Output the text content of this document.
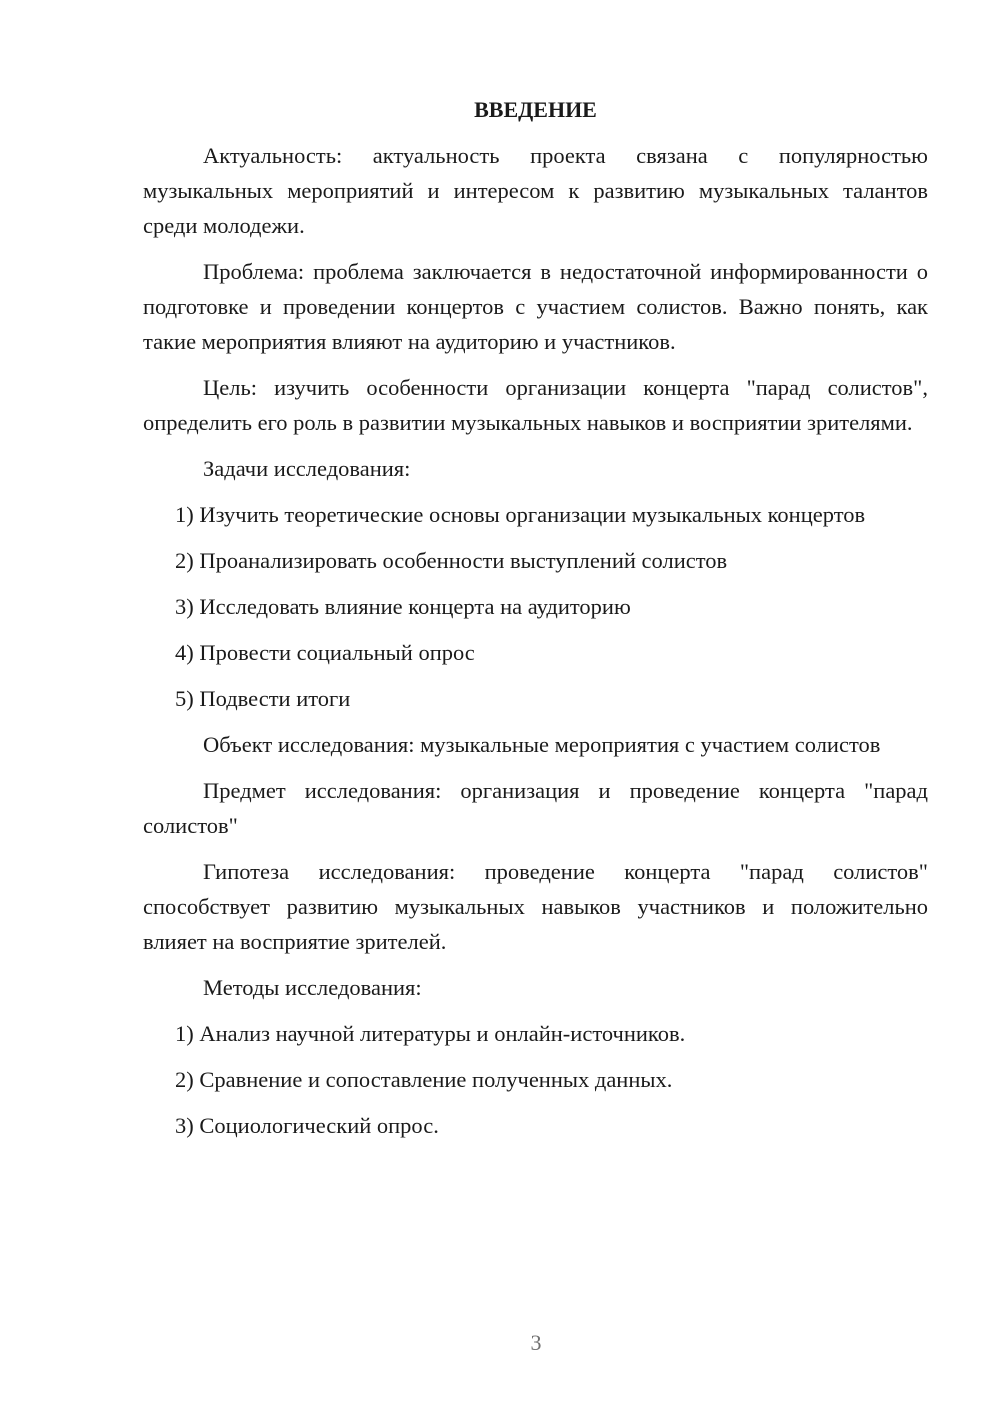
ВВЕДЕНИЕ

Актуальность: актуальность проекта связана с популярностью музыкальных мероприятий и интересом к развитию музыкальных талантов среди молодежи.

Проблема: проблема заключается в недостаточной информированности о подготовке и проведении концертов с участием солистов. Важно понять, как такие мероприятия влияют на аудиторию и участников.

Цель: изучить особенности организации концерта "парад солистов", определить его роль в развитии музыкальных навыков и восприятии зрителями.

Задачи исследования:

1) Изучить теоретические основы организации музыкальных концертов

2) Проанализировать особенности выступлений солистов

3) Исследовать влияние концерта на аудиторию

4) Провести социальный опрос

5) Подвести итоги

Объект исследования: музыкальные мероприятия с участием солистов

Предмет исследования: организация и проведение концерта "парад солистов"

Гипотеза исследования: проведение концерта "парад солистов" способствует развитию музыкальных навыков участников и положительно влияет на восприятие зрителей.

Методы исследования:

1) Анализ научной литературы и онлайн-источников.

2) Сравнение и сопоставление полученных данных.

3) Социологический опрос.

3
